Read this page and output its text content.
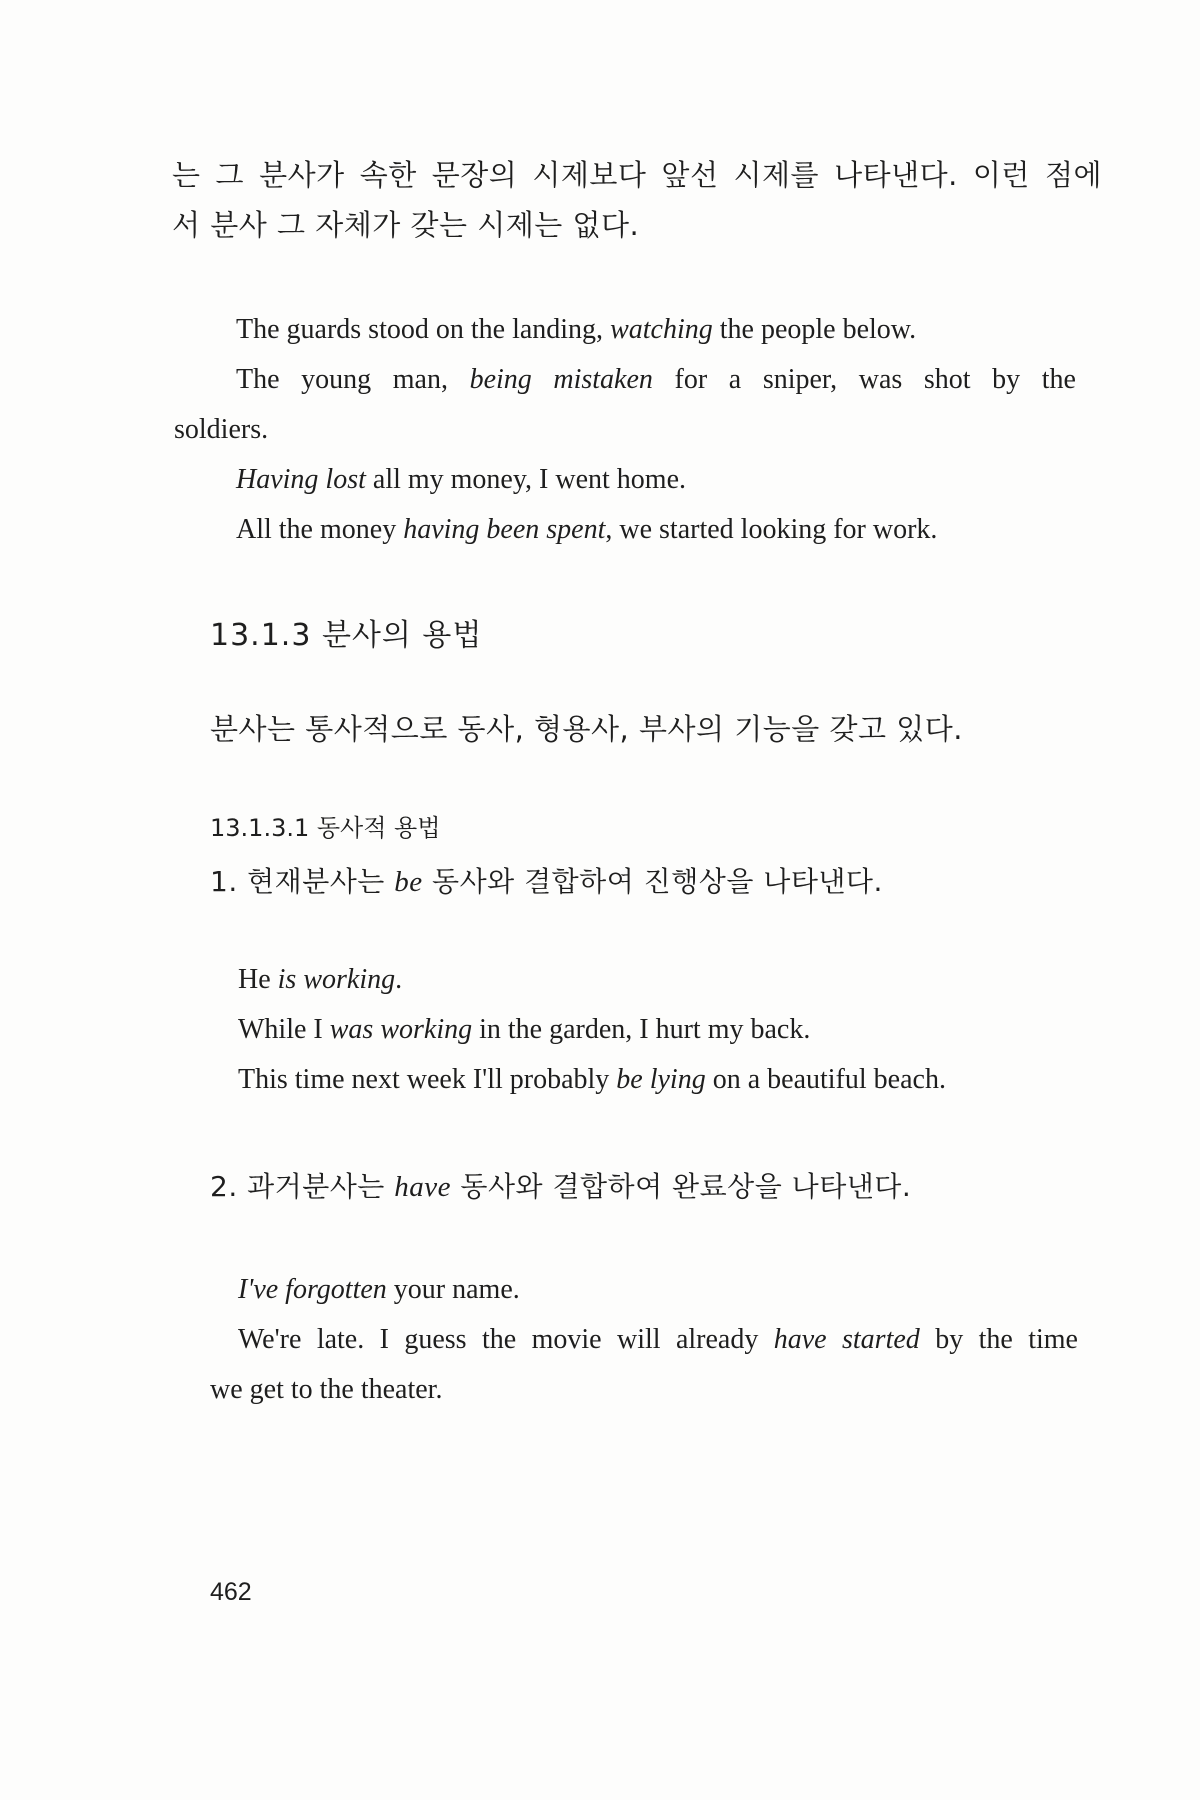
는 그 분사가 속한 문장의 시제보다 앞선 시제를 나타낸다. 이런 점에
서 분사 그 자체가 갖는 시제는 없다.
The guards stood on the landing, watching the people below.
The young man, being mistaken for a sniper, was shot by the
soldiers.
Having lost all my money, I went home.
All the money having been spent, we started looking for work.
13.1.3 분사의 용법
분사는 통사적으로 동사, 형용사, 부사의 기능을 갖고 있다.
13.1.3.1 동사적 용법
1. 현재분사는 be 동사와 결합하여 진행상을 나타낸다.
He is working.
While I was working in the garden, I hurt my back.
This time next week I'll probably be lying on a beautiful beach.
2. 과거분사는 have 동사와 결합하여 완료상을 나타낸다.
I've forgotten your name.
We're late. I guess the movie will already have started by the time
we get to the theater.
462
